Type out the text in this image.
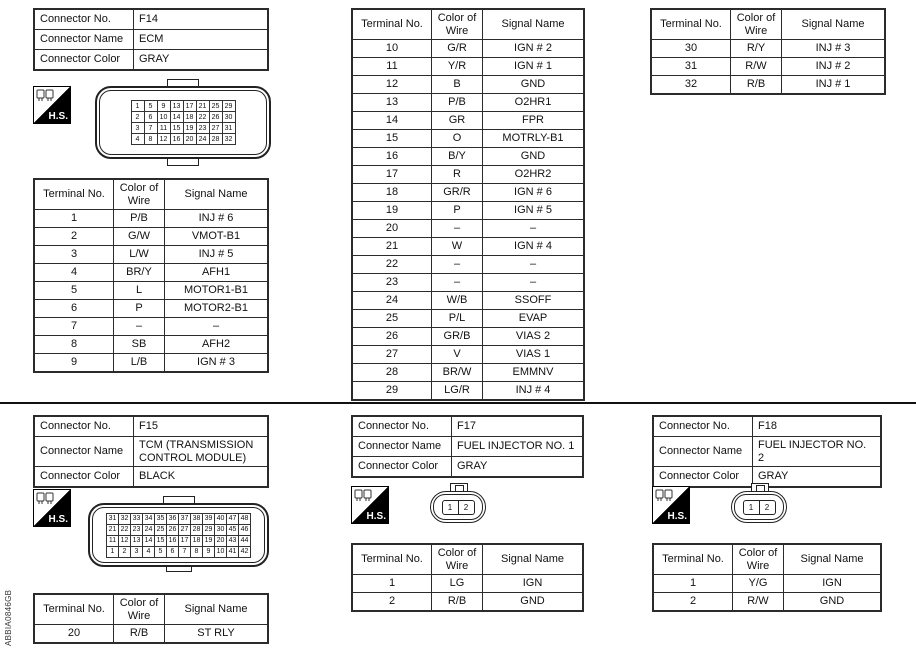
Connector No.	F14
Connector Name	ECM
Connector Color	GRAY
H.S.
1	5	9	13	17	21	25	29
2	6	10	14	18	22	26	30
3	7	11	15	19	23	27	31
4	8	12	16	20	24	28	32
Terminal No.	Color of Wire	Signal Name
1	P/B	INJ # 6
2	G/W	VMOT-B1
3	L/W	INJ # 5
4	BR/Y	AFH1
5	L	MOTOR1-B1
6	P	MOTOR2-B1
7	–	–
8	SB	AFH2
9	L/B	IGN # 3
Terminal No.	Color of Wire	Signal Name
10	G/R	IGN # 2
11	Y/R	IGN # 1
12	B	GND
13	P/B	O2HR1
14	GR	FPR
15	O	MOTRLY-B1
16	B/Y	GND
17	R	O2HR2
18	GR/R	IGN # 6
19	P	IGN # 5
20	–	–
21	W	IGN # 4
22	–	–
23	–	–
24	W/B	SSOFF
25	P/L	EVAP
26	GR/B	VIAS 2
27	V	VIAS 1
28	BR/W	EMMNV
29	LG/R	INJ # 4
Terminal No.	Color of Wire	Signal Name
30	R/Y	INJ # 3
31	R/W	INJ # 2
32	R/B	INJ # 1
Connector No.	F15
Connector Name	TCM (TRANSMISSION CONTROL MODULE)
Connector Color	BLACK
H.S.	31	32	33	34	35	36	37	38	39	40	47	48
21	22	23	24	25	26	27	28	29	30	45	46
11	12	13	14	15	16	17	18	19	20	43	44
1	2	3	4	5	6	7	8	9	10	41	42
Terminal No.	Color of Wire	Signal Name
20	R/B	ST RLY
ABBIA0846GB
Connector No.	F17
Connector Name	FUEL INJECTOR NO. 1
Connector Color	GRAY
H.S.
1	2
Terminal No.	Color of Wire	Signal Name
1	LG	IGN
2	R/B	GND
Connector No.	F18
Connector Name	FUEL INJECTOR NO. 2
Connector Color	GRAY
H.S.
1	2
Terminal No.	Color of Wire	Signal Name
1	Y/G	IGN
2	R/W	GND
